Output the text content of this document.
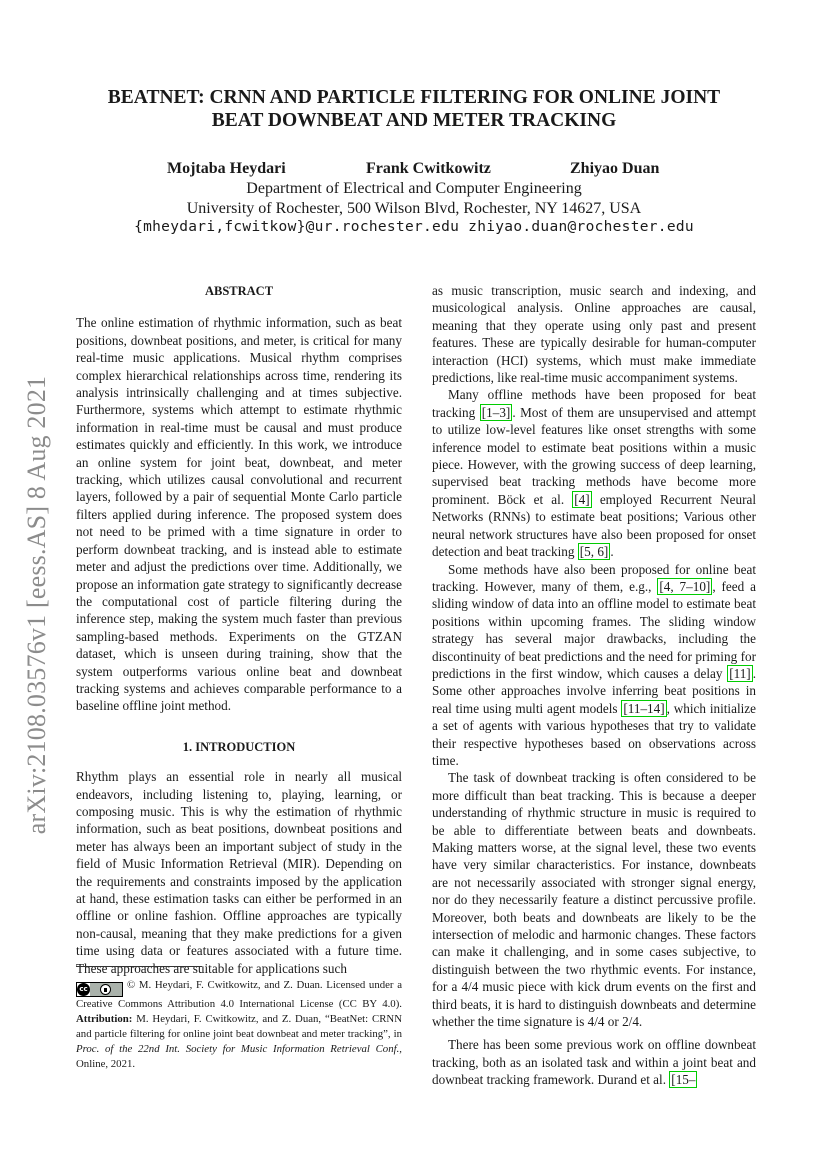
arXiv:2108.03576v1 [eess.AS] 8 Aug 2021
BEATNET: CRNN AND PARTICLE FILTERING FOR ONLINE JOINT
BEAT DOWNBEAT AND METER TRACKING
Mojtaba Heydari	Frank Cwitkowitz	Zhiyao Duan
Department of Electrical and Computer Engineering
University of Rochester, 500 Wilson Blvd, Rochester, NY 14627, USA
{mheydari,fcwitkow}@ur.rochester.edu zhiyao.duan@rochester.edu

ABSTRACT

The online estimation of rhythmic information, such as beat positions, downbeat positions, and meter, is critical for many real-time music applications. Musical rhythm comprises complex hierarchical relationships across time, rendering its analysis intrinsically challenging and at times subjective. Furthermore, systems which attempt to estimate rhythmic information in real-time must be causal and must produce estimates quickly and efficiently. In this work, we introduce an online system for joint beat, downbeat, and meter tracking, which utilizes causal convolutional and recurrent layers, followed by a pair of sequential Monte Carlo particle filters applied during inference. The proposed system does not need to be primed with a time signature in order to perform downbeat tracking, and is instead able to estimate meter and adjust the predictions over time. Additionally, we propose an information gate strategy to significantly decrease the computational cost of particle filtering during the inference step, making the system much faster than previous sampling-based methods. Experiments on the GTZAN dataset, which is unseen during training, show that the system outperforms various online beat and downbeat tracking systems and achieves comparable performance to a baseline offline joint method.

1. INTRODUCTION

Rhythm plays an essential role in nearly all musical endeavors, including listening to, playing, learning, or composing music. This is why the estimation of rhythmic information, such as beat positions, downbeat positions and meter has always been an important subject of study in the field of Music Information Retrieval (MIR). Depending on the requirements and constraints imposed by the application at hand, these estimation tasks can either be performed in an offline or online fashion. Offline approaches are typically non-causal, meaning that they make predictions for a given time using data or features associated with a future time. These approaches are suitable for applications such

cc	© M. Heydari, F. Cwitkowitz, and Z. Duan. Licensed under a Creative Commons Attribution 4.0 International License (CC BY 4.0). Attribution: M. Heydari, F. Cwitkowitz, and Z. Duan, “BeatNet: CRNN and particle filtering for online joint beat downbeat and meter tracking”, in Proc. of the 22nd Int. Society for Music Information Retrieval Conf., Online, 2021.

as music transcription, music search and indexing, and musicological analysis. Online approaches are causal, meaning that they operate using only past and present features. These are typically desirable for human-computer interaction (HCI) systems, which must make immediate predictions, like real-time music accompaniment systems.

Many offline methods have been proposed for beat tracking [1–3] . Most of them are unsupervised and attempt to utilize low-level features like onset strengths with some inference model to estimate beat positions within a music piece. However, with the growing success of deep learning, supervised beat tracking methods have become more prominent. Böck et al. [4] employed Recurrent Neural Networks (RNNs) to estimate beat positions; Various other neural network structures have also been proposed for onset detection and beat tracking [5, 6] .

Some methods have also been proposed for online beat tracking. However, many of them, e.g., [4, 7–10] , feed a sliding window of data into an offline model to estimate beat positions within upcoming frames. The sliding window strategy has several major drawbacks, including the discontinuity of beat predictions and the need for priming for predictions in the first window, which causes a delay [11] . Some other approaches involve inferring beat positions in real time using multi agent models [11–14] , which initialize a set of agents with various hypotheses that try to validate their respective hypotheses based on observations across time.

The task of downbeat tracking is often considered to be more difficult than beat tracking. This is because a deeper understanding of rhythmic structure in music is required to be able to differentiate between beats and downbeats. Making matters worse, at the signal level, these two events have very similar characteristics. For instance, downbeats are not necessarily associated with stronger signal energy, nor do they necessarily feature a distinct percussive profile. Moreover, both beats and downbeats are likely to be the intersection of melodic and harmonic changes. These factors can make it challenging, and in some cases subjective, to distinguish between the two rhythmic events. For instance, for a 4/4 music piece with kick drum events on the first and third beats, it is hard to distinguish downbeats and determine whether the time signature is 4/4 or 2/4.

There has been some previous work on offline downbeat tracking, both as an isolated task and within a joint beat and downbeat tracking framework. Durand et al. [15–
